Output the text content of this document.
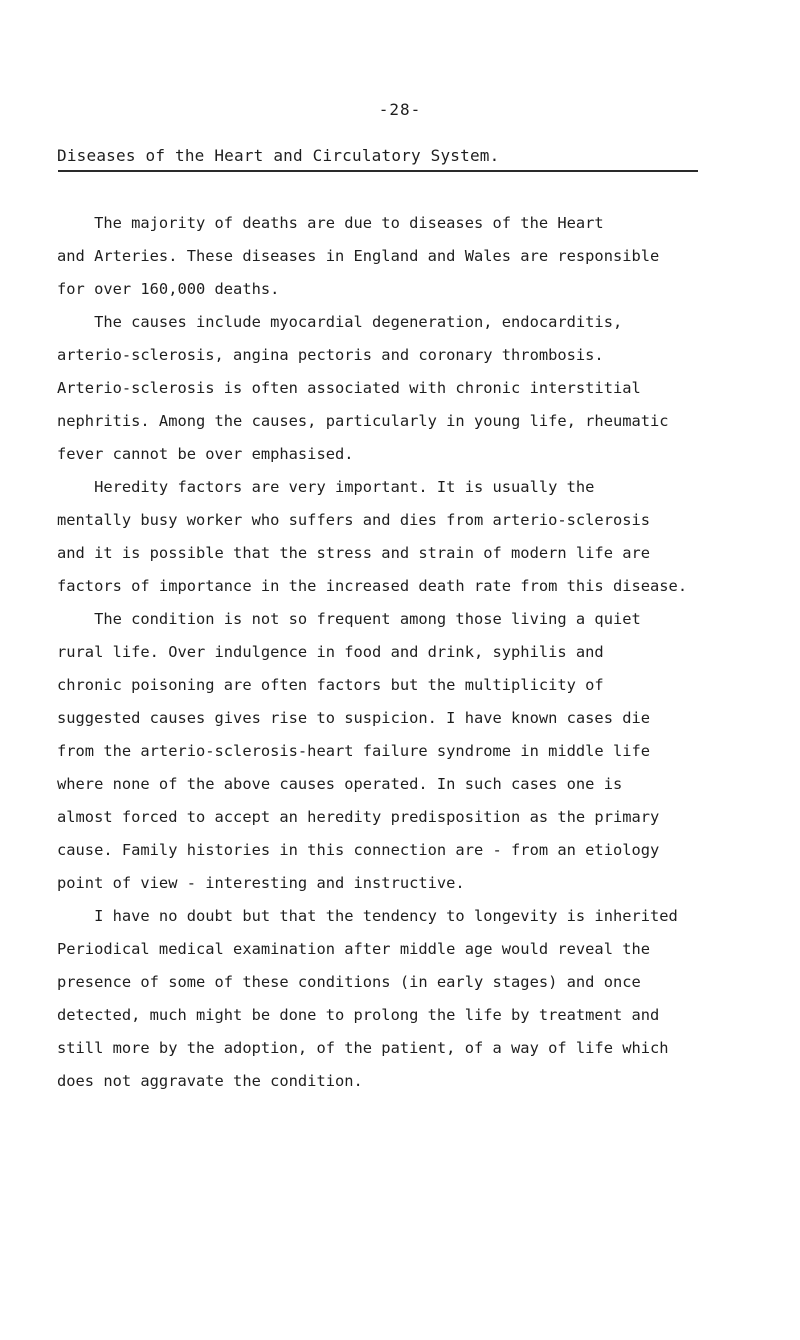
-28-
Diseases of the Heart and Circulatory System.
The majority of deaths are due to diseases of the Heart
and Arteries. These diseases in England and Wales are responsible
for over 160,000 deaths.
The causes include myocardial degeneration, endocarditis,
arterio-sclerosis, angina pectoris and coronary thrombosis.
Arterio-sclerosis is often associated with chronic interstitial
nephritis. Among the causes, particularly in young life, rheumatic
fever cannot be over emphasised.
Heredity factors are very important. It is usually the
mentally busy worker who suffers and dies from arterio-sclerosis
and it is possible that the stress and strain of modern life are
factors of importance in the increased death rate from this disease.
The condition is not so frequent among those living a quiet
rural life. Over indulgence in food and drink, syphilis and
chronic poisoning are often factors but the multiplicity of
suggested causes gives rise to suspicion. I have known cases die
from the arterio-sclerosis-heart failure syndrome in middle life
where none of the above causes operated. In such cases one is
almost forced to accept an heredity predisposition as the primary
cause. Family histories in this connection are - from an etiology
point of view - interesting and instructive.
I have no doubt but that the tendency to longevity is inherited
Periodical medical examination after middle age would reveal the
presence of some of these conditions (in early stages) and once
detected, much might be done to prolong the life by treatment and
still more by the adoption, of the patient, of a way of life which
does not aggravate the condition.
